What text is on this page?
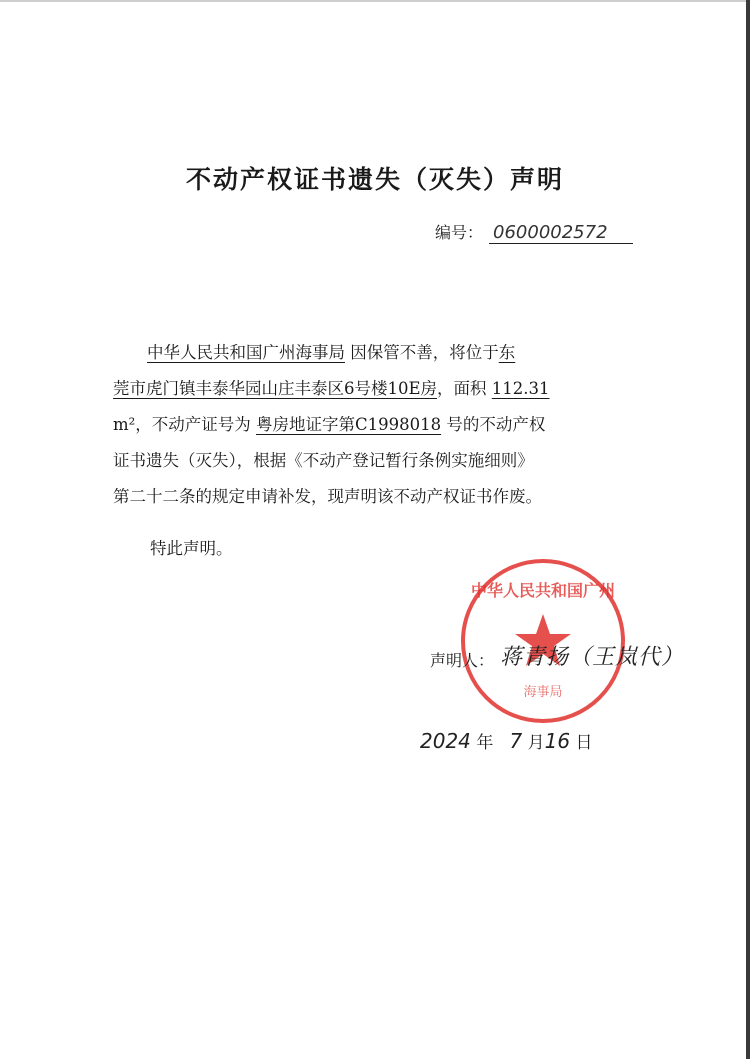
不动产权证书遗失（灭失）声明
编号： 0600002572

中华人民共和国广州海事局 因保管不善，将位于东

莞市虎门镇丰泰华园山庄丰泰区6号楼10E房，面积 112.31

m²，不动产证号为 粤房地证字第C1998018 号的不动产权

证书遗失（灭失），根据《不动产登记暂行条例实施细则》

第二十二条的规定申请补发，现声明该不动产权证书作废。

特此声明。
中华人民共和国广州
海事局
声明人： 蒋青扬（王岚代）
2024 年 7 月16 日
